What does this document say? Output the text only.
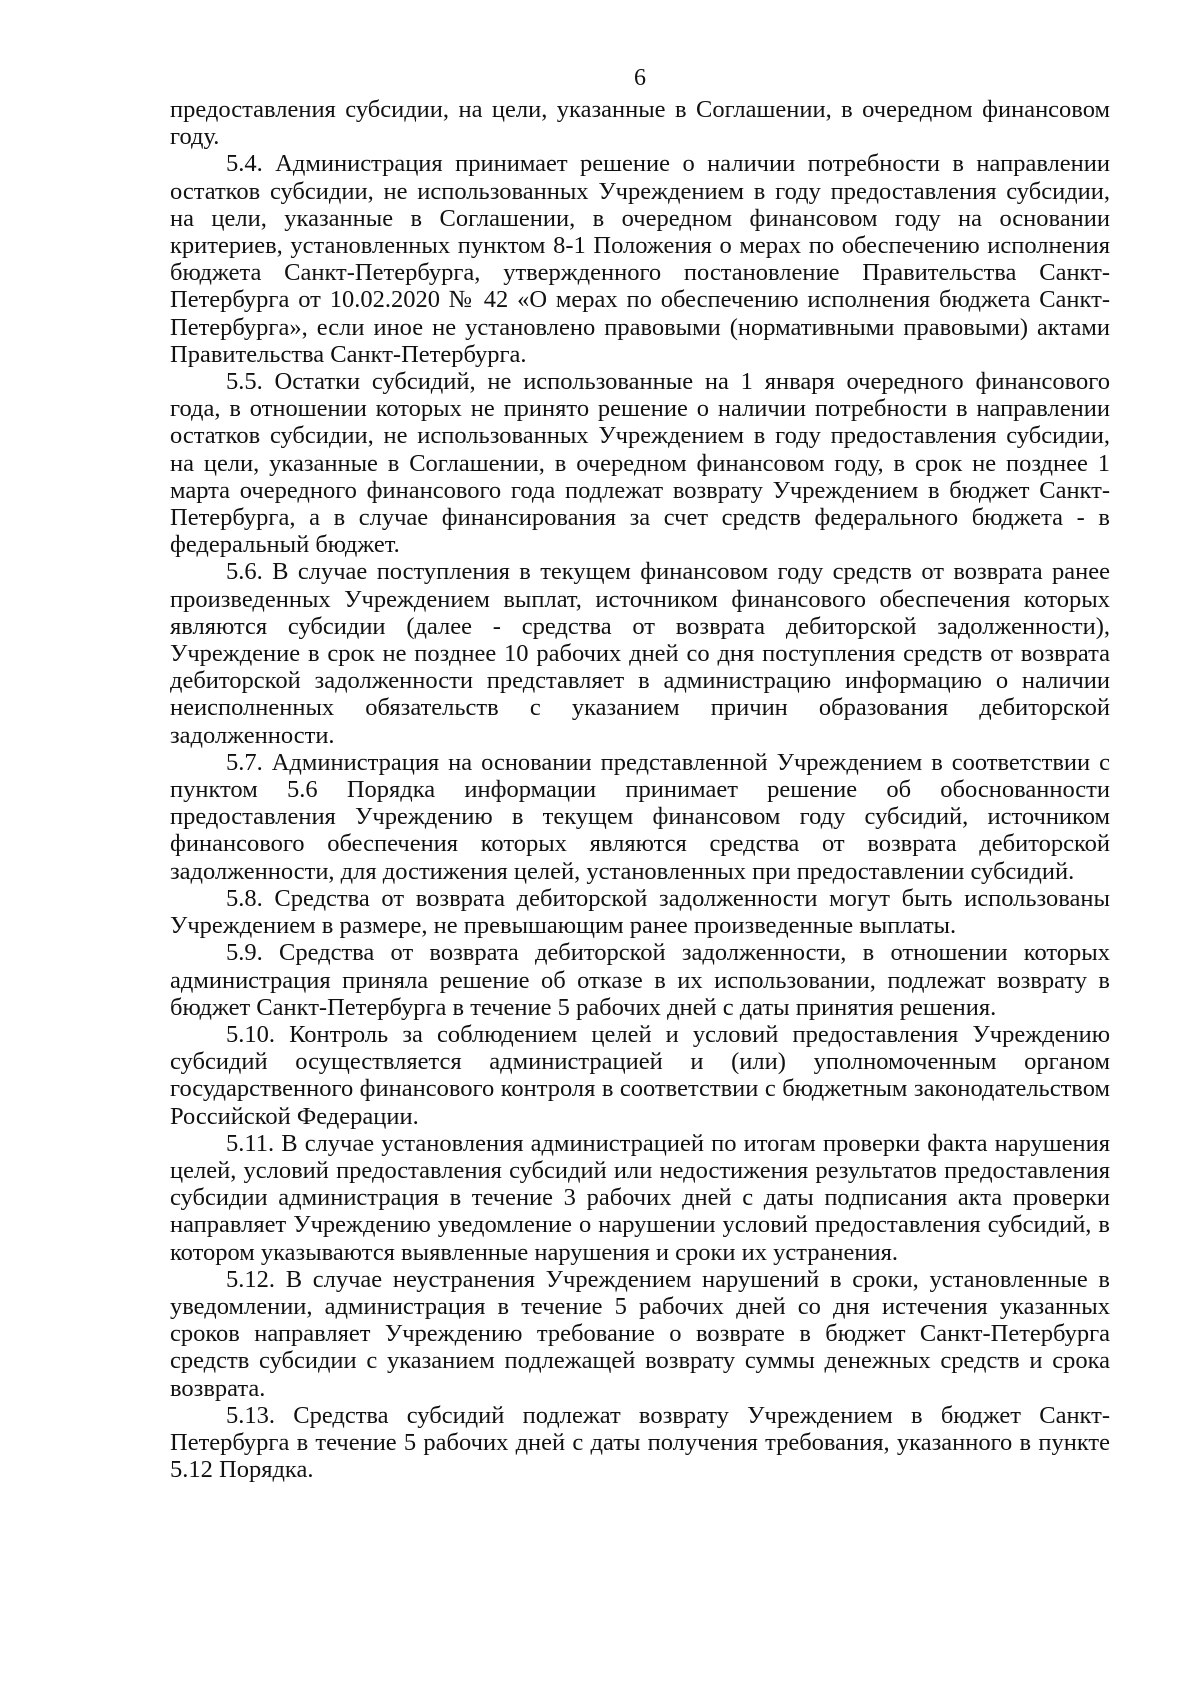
6

предоставления субсидии, на цели, указанные в Соглашении, в очередном финансовом году.

5.4. Администрация принимает решение о наличии потребности в направлении остатков субсидии, не использованных Учреждением в году предоставления субсидии, на цели, указанные в Соглашении, в очередном финансовом году на основании критериев, установленных пунктом 8-1 Положения о мерах по обеспечению исполнения бюджета Санкт-Петербурга, утвержденного постановление Правительства Санкт-Петербурга от 10.02.2020 № 42 «О мерах по обеспечению исполнения бюджета Санкт-Петербурга», если иное не установлено правовыми (нормативными правовыми) актами Правительства Санкт-Петербурга.

5.5. Остатки субсидий, не использованные на 1 января очередного финансового года, в отношении которых не принято решение о наличии потребности в направлении остатков субсидии, не использованных Учреждением в году предоставления субсидии, на цели, указанные в Соглашении, в очередном финансовом году, в срок не позднее 1 марта очередного финансового года подлежат возврату Учреждением в бюджет Санкт-Петербурга, а в случае финансирования за счет средств федерального бюджета - в федеральный бюджет.

5.6. В случае поступления в текущем финансовом году средств от возврата ранее произведенных Учреждением выплат, источником финансового обеспечения которых являются субсидии (далее - средства от возврата дебиторской задолженности), Учреждение в срок не позднее 10 рабочих дней со дня поступления средств от возврата дебиторской задолженности представляет в администрацию информацию о наличии неисполненных обязательств с указанием причин образования дебиторской задолженности.

5.7. Администрация на основании представленной Учреждением в соответствии с пунктом 5.6 Порядка информации принимает решение об обоснованности предоставления Учреждению в текущем финансовом году субсидий, источником финансового обеспечения которых являются средства от возврата дебиторской задолженности, для достижения целей, установленных при предоставлении субсидий.

5.8. Средства от возврата дебиторской задолженности могут быть использованы Учреждением в размере, не превышающим ранее произведенные выплаты.

5.9. Средства от возврата дебиторской задолженности, в отношении которых администрация приняла решение об отказе в их использовании, подлежат возврату в бюджет Санкт-Петербурга в течение 5 рабочих дней с даты принятия решения.

5.10. Контроль за соблюдением целей и условий предоставления Учреждению субсидий осуществляется администрацией и (или) уполномоченным органом государственного финансового контроля в соответствии с бюджетным законодательством Российской Федерации.

5.11. В случае установления администрацией по итогам проверки факта нарушения целей, условий предоставления субсидий или недостижения результатов предоставления субсидии администрация в течение 3 рабочих дней с даты подписания акта проверки направляет Учреждению уведомление о нарушении условий предоставления субсидий, в котором указываются выявленные нарушения и сроки их устранения.

5.12. В случае неустранения Учреждением нарушений в сроки, установленные в уведомлении, администрация в течение 5 рабочих дней со дня истечения указанных сроков направляет Учреждению требование о возврате в бюджет Санкт-Петербурга средств субсидии с указанием подлежащей возврату суммы денежных средств и срока возврата.

5.13. Средства субсидий подлежат возврату Учреждением в бюджет Санкт-Петербурга в течение 5 рабочих дней с даты получения требования, указанного в пункте 5.12 Порядка.
